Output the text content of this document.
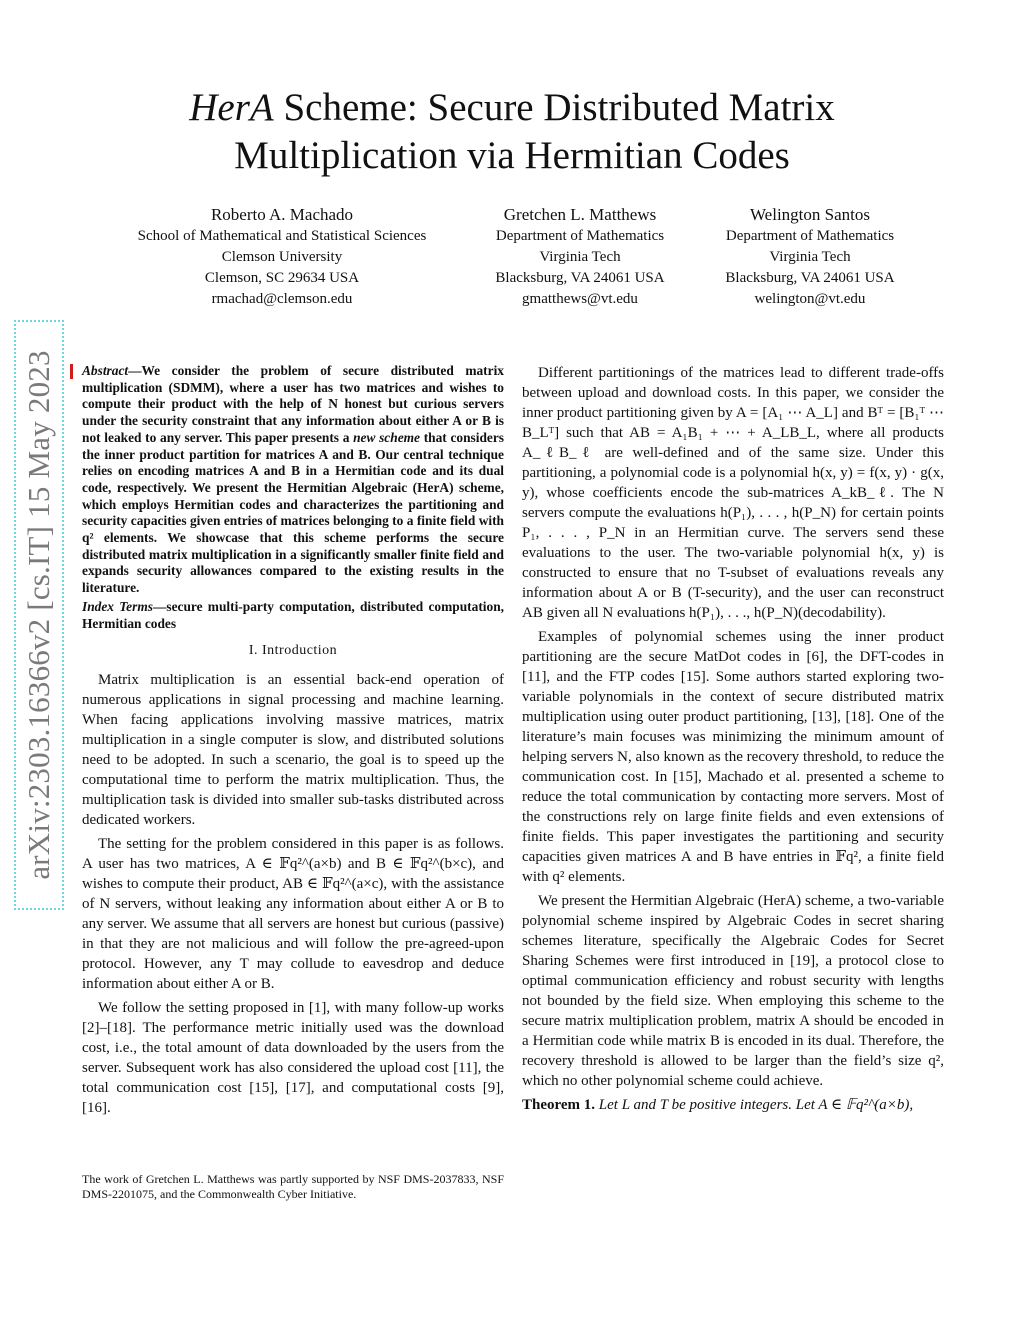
arXiv:2303.16366v2 [cs.IT] 15 May 2023
HerA Scheme: Secure Distributed Matrix
Multiplication via Hermitian Codes
Roberto A. Machado
School of Mathematical and Statistical Sciences
Clemson University
Clemson, SC 29634 USA
rmachad@clemson.edu
Gretchen L. Matthews
Department of Mathematics
Virginia Tech
Blacksburg, VA 24061 USA
gmatthews@vt.edu
Welington Santos
Department of Mathematics
Virginia Tech
Blacksburg, VA 24061 USA
welington@vt.edu

Abstract—We consider the problem of secure distributed matrix multiplication (SDMM), where a user has two matrices and wishes to compute their product with the help of N honest but curious servers under the security constraint that any information about either A or B is not leaked to any server. This paper presents a new scheme that considers the inner product partition for matrices A and B. Our central technique relies on encoding matrices A and B in a Hermitian code and its dual code, respectively. We present the Hermitian Algebraic (HerA) scheme, which employs Hermitian codes and characterizes the partitioning and security capacities given entries of matrices belonging to a finite field with q² elements. We showcase that this scheme performs the secure distributed matrix multiplication in a significantly smaller finite field and expands security allowances compared to the existing results in the literature.

Index Terms—secure multi-party computation, distributed computation, Hermitian codes

I. Introduction

Matrix multiplication is an essential back-end operation of numerous applications in signal processing and machine learning. When facing applications involving massive matrices, matrix multiplication in a single computer is slow, and distributed solutions need to be adopted. In such a scenario, the goal is to speed up the computational time to perform the matrix multiplication. Thus, the multiplication task is divided into smaller sub-tasks distributed across dedicated workers.

The setting for the problem considered in this paper is as follows. A user has two matrices, A ∈ 𝔽q²^(a×b) and B ∈ 𝔽q²^(b×c), and wishes to compute their product, AB ∈ 𝔽q²^(a×c), with the assistance of N servers, without leaking any information about either A or B to any server. We assume that all servers are honest but curious (passive) in that they are not malicious and will follow the pre-agreed-upon protocol. However, any T may collude to eavesdrop and deduce information about either A or B.

We follow the setting proposed in [1], with many follow-up works [2]–[18]. The performance metric initially used was the download cost, i.e., the total amount of data downloaded by the users from the server. Subsequent work has also considered the upload cost [11], the total communication cost [15], [17], and computational costs [9], [16].

The work of Gretchen L. Matthews was partly supported by NSF DMS-2037833, NSF DMS-2201075, and the Commonwealth Cyber Initiative.

Different partitionings of the matrices lead to different trade-offs between upload and download costs. In this paper, we consider the inner product partitioning given by A = [A₁ ⋯ A_L] and Bᵀ = [B₁ᵀ ⋯ B_Lᵀ] such that AB = A₁B₁ + ⋯ + A_LB_L, where all products A_ℓB_ℓ are well-defined and of the same size. Under this partitioning, a polynomial code is a polynomial h(x, y) = f(x, y) · g(x, y), whose coefficients encode the sub-matrices A_kB_ℓ. The N servers compute the evaluations h(P₁), . . . , h(P_N) for certain points P₁, . . . , P_N in an Hermitian curve. The servers send these evaluations to the user. The two-variable polynomial h(x, y) is constructed to ensure that no T-subset of evaluations reveals any information about A or B (T-security), and the user can reconstruct AB given all N evaluations h(P₁), . . ., h(P_N)(decodability).

Examples of polynomial schemes using the inner product partitioning are the secure MatDot codes in [6], the DFT-codes in [11], and the FTP codes [15]. Some authors started exploring two-variable polynomials in the context of secure distributed matrix multiplication using outer product partitioning, [13], [18]. One of the literature’s main focuses was minimizing the minimum amount of helping servers N, also known as the recovery threshold, to reduce the communication cost. In [15], Machado et al. presented a scheme to reduce the total communication by contacting more servers. Most of the constructions rely on large finite fields and even extensions of finite fields. This paper investigates the partitioning and security capacities given matrices A and B have entries in 𝔽q², a finite field with q² elements.

We present the Hermitian Algebraic (HerA) scheme, a two-variable polynomial scheme inspired by Algebraic Codes in secret sharing schemes literature, specifically the Algebraic Codes for Secret Sharing Schemes were first introduced in [19], a protocol close to optimal communication efficiency and robust security with lengths not bounded by the field size. When employing this scheme to the secure matrix multiplication problem, matrix A should be encoded in a Hermitian code while matrix B is encoded in its dual. Therefore, the recovery threshold is allowed to be larger than the field’s size q², which no other polynomial scheme could achieve.

Theorem 1. Let L and T be positive integers. Let A ∈ 𝔽q²^(a×b),
